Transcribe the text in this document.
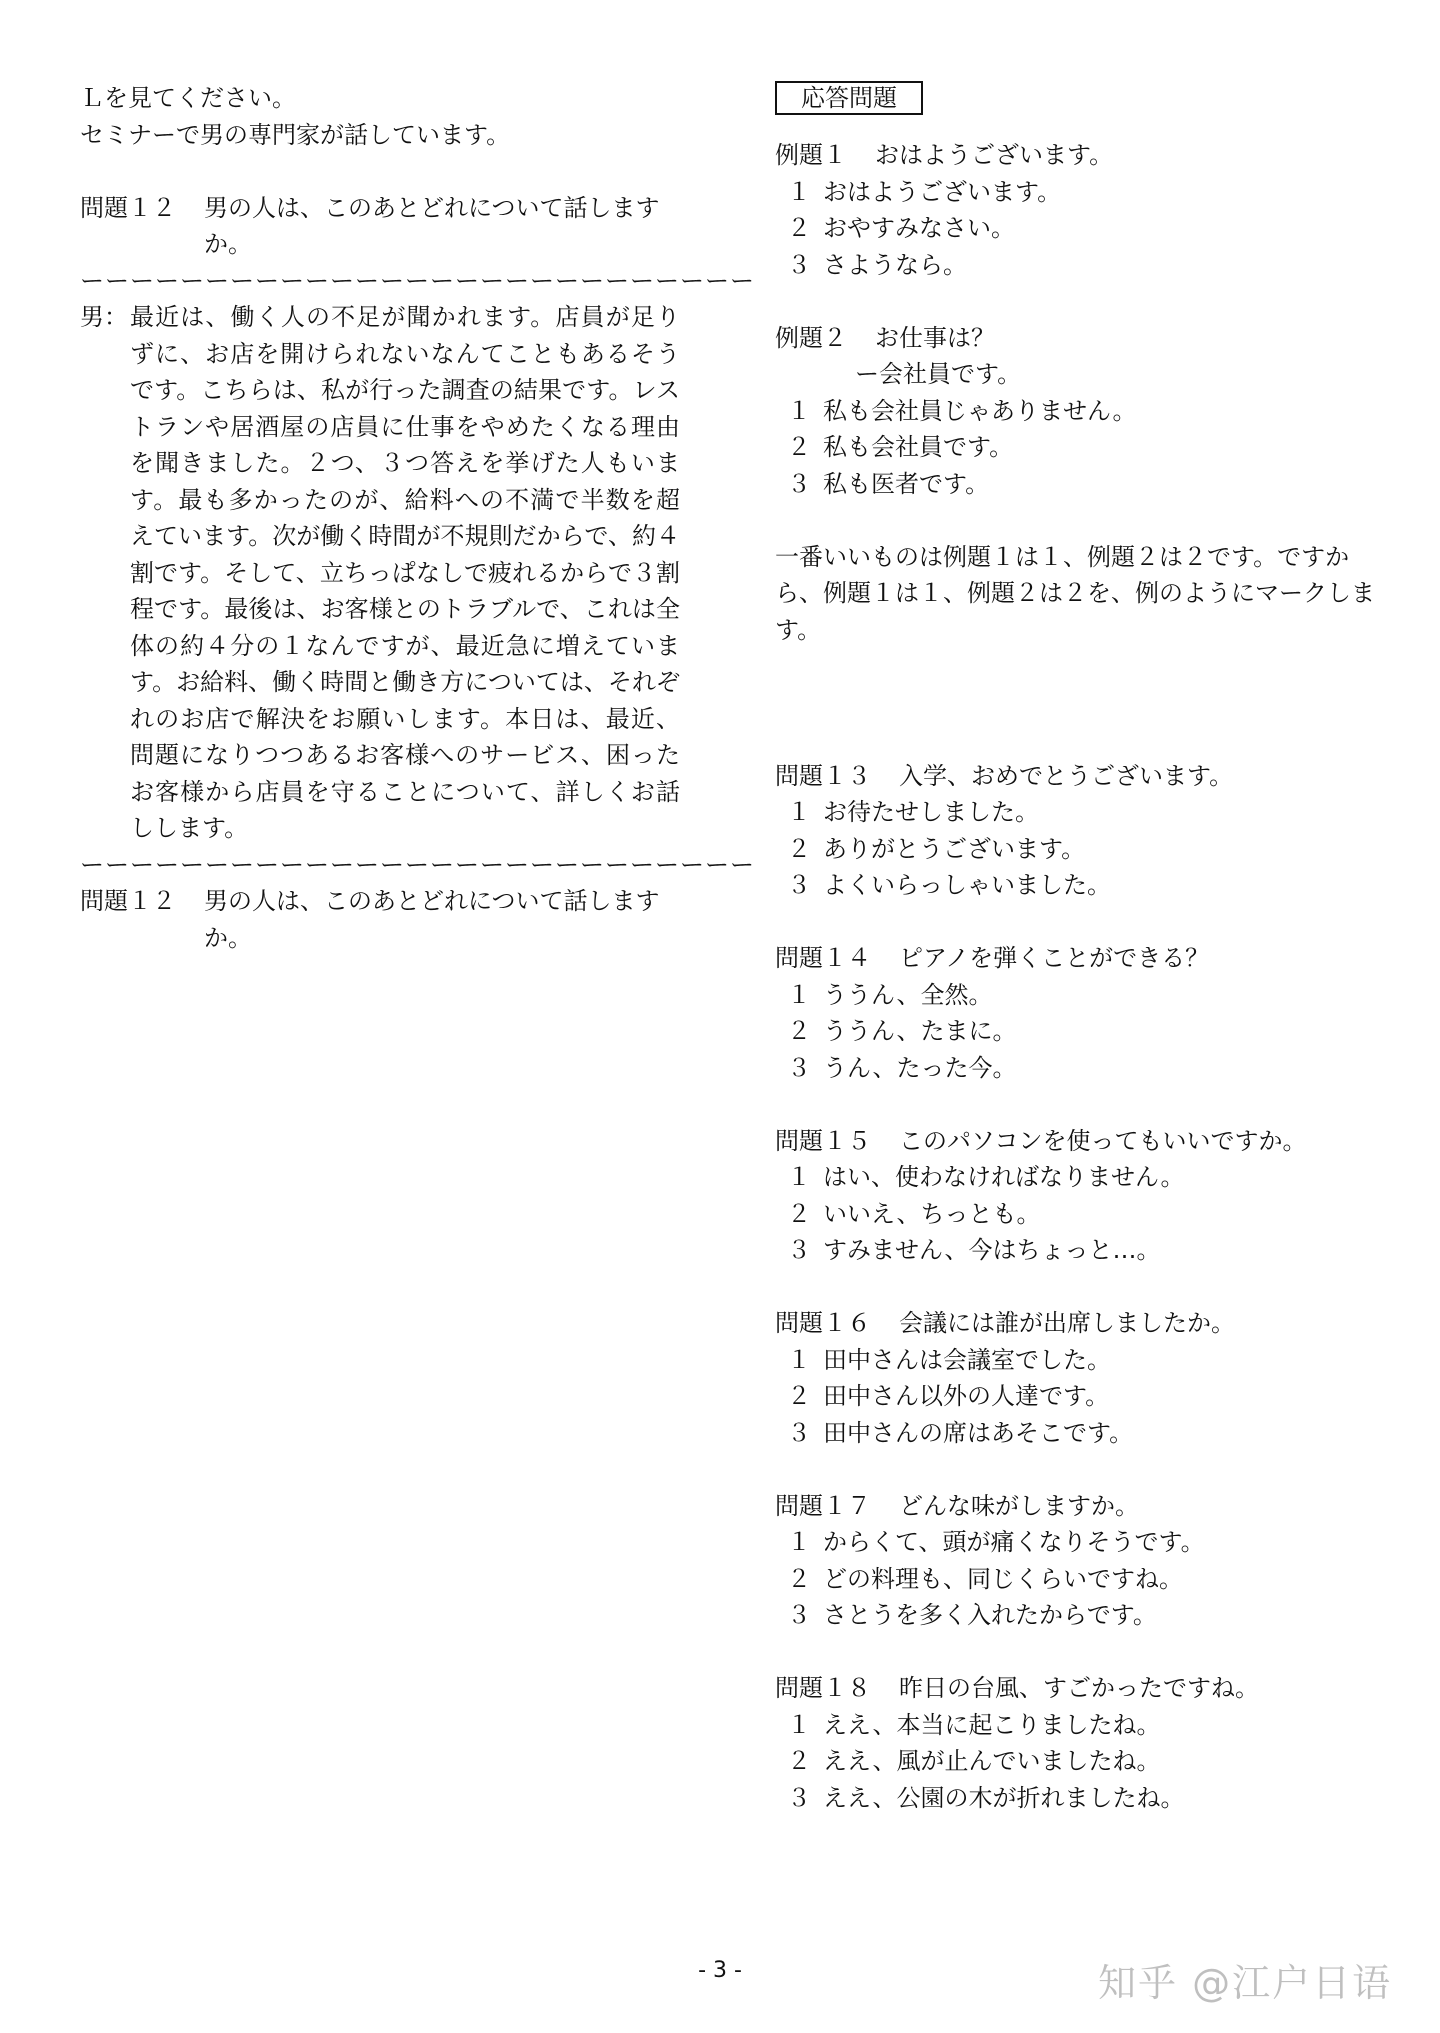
Ｌを見てください。

セミナーで男の専門家が話しています。

問題１２	男の人は、このあとどれについて話しますか。
ーーーーーーーーーーーーーーーーーーーーーーーーーーー
男： 最近は、働く人の不足が聞かれます。店員が足りずに、お店を開けられないなんてこともあるそうです。こちらは、私が行った調査の結果です。レストランや居酒屋の店員に仕事をやめたくなる理由を聞きました。２つ、３つ答えを挙げた人もいます。最も多かったのが、給料への不満で半数を超えています。次が働く時間が不規則だからで、約４割です。そして、立ちっぱなしで疲れるからで３割程です。最後は、お客様とのトラブルで、これは全体の約４分の１なんですが、最近急に増えています。お給料、働く時間と働き方については、それぞれのお店で解決をお願いします。本日は、最近、問題になりつつあるお客様へのサービス、困ったお客様から店員を守ることについて、詳しくお話しします。
ーーーーーーーーーーーーーーーーーーーーーーーーーーー
問題１２	男の人は、このあとどれについて話しますか。
応答問題
例題１	おはようございます。
１ おはようございます。
２ おやすみなさい。
３ さようなら。
例題２	お仕事は？
ー会社員です。
１ 私も会社員じゃありません。
２ 私も会社員です。
３ 私も医者です。

一番いいものは例題１は１、例題２は２です。ですから、例題１は１、例題２は２を、例のようにマークします。

問題１３	入学、おめでとうございます。
１ お待たせしました。
２ ありがとうございます。
３ よくいらっしゃいました。
問題１４	ピアノを弾くことができる？
１ ううん、全然。
２ ううん、たまに。
３ うん、たった今。
問題１５	このパソコンを使ってもいいですか。
１ はい、使わなければなりません。
２ いいえ、ちっとも。
３ すみません、今はちょっと…。
問題１６	会議には誰が出席しましたか。
１ 田中さんは会議室でした。
２ 田中さん以外の人達です。
３ 田中さんの席はあそこです。
問題１７	どんな味がしますか。
１ からくて、頭が痛くなりそうです。
２ どの料理も、同じくらいですね。
３ さとうを多く入れたからです。
問題１８	昨日の台風、すごかったですね。
１ ええ、本当に起こりましたね。
２ ええ、風が止んでいましたね。
３ ええ、公園の木が折れましたね。
- 3 -	知乎 @江户日语
